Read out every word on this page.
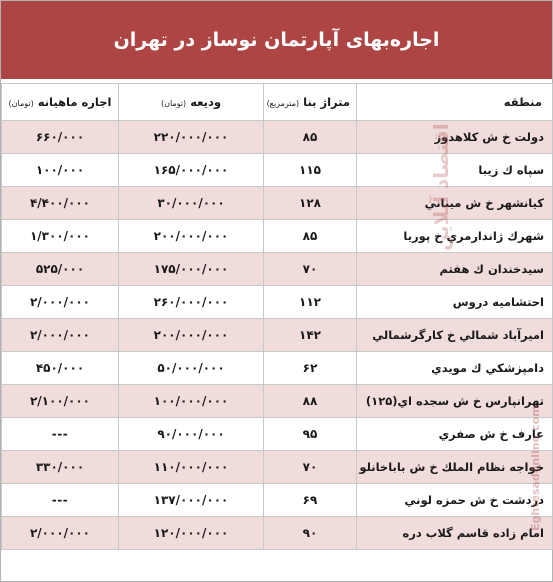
اجاره‌بهای آپارتمان نوساز در تهران
منطقه	متراژ بنا (مترمربع)	ودیعه (تومان)	اجاره ماهیانه (تومان)
دولت خ ش کلاهدوز	۸۵	۲۲۰/۰۰۰/۰۰۰	۶۶۰/۰۰۰
سپاه ك زيبا	۱۱۵	۱۶۵/۰۰۰/۰۰۰	۱۰۰/۰۰۰
كيانشهر خ ش ميناني	۱۲۸	۳۰/۰۰۰/۰۰۰	۴/۴۰۰/۰۰۰
شهرك ژاندارمري خ پوريا	۸۵	۲۰۰/۰۰۰/۰۰۰	۱/۳۰۰/۰۰۰
سيدخندان ك هفتم	۷۰	۱۷۵/۰۰۰/۰۰۰	۵۲۵/۰۰۰
احتشاميه دروس	۱۱۲	۲۶۰/۰۰۰/۰۰۰	۲/۰۰۰/۰۰۰
اميرآباد شمالي خ كارگرشمالي	۱۴۲	۲۰۰/۰۰۰/۰۰۰	۲/۰۰۰/۰۰۰
دامپزشكي ك مويدي	۶۲	۵۰/۰۰۰/۰۰۰	۴۵۰/۰۰۰
تهرانپارس خ ش سجده اي(۱۲۵)	۸۸	۱۰۰/۰۰۰/۰۰۰	۲/۱۰۰/۰۰۰
عارف خ ش صفري	۹۵	۹۰/۰۰۰/۰۰۰	---
خواجه نظام الملك خ ش باباخانلو	۷۰	۱۱۰/۰۰۰/۰۰۰	۳۳۰/۰۰۰
دردشت خ ش حمزه لوني	۶۹	۱۳۷/۰۰۰/۰۰۰	---
امام زاده قاسم گلاب دره	۹۰	۱۲۰/۰۰۰/۰۰۰	۲/۰۰۰/۰۰۰
اقتصاد آنلاين
Eghtesadonline.com
